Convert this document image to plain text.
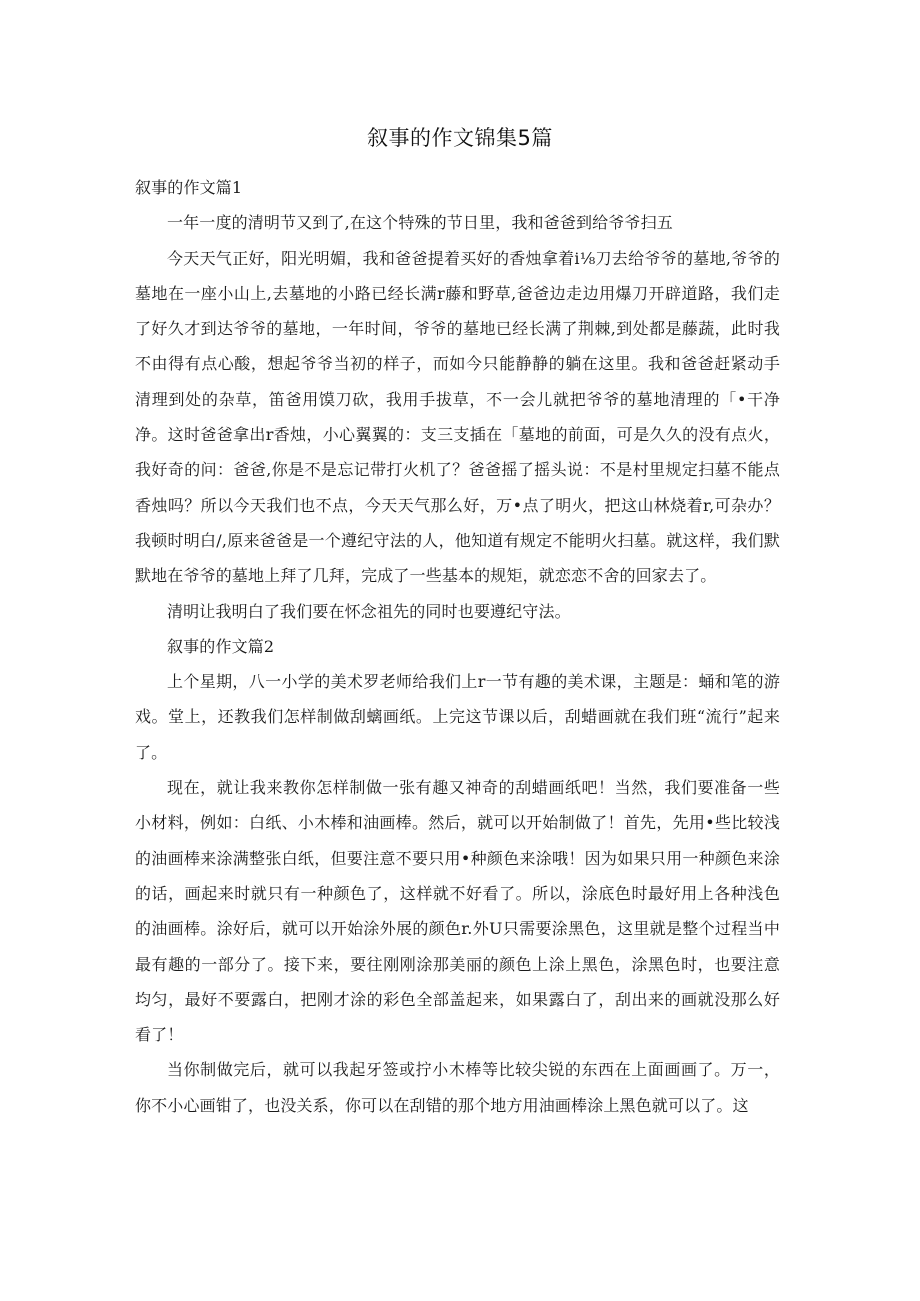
叙事的作文锦集5篇

叙事的作文篇1

一年一度的清明节又到了,在这个特殊的节日里，我和爸爸到给爷爷扫五

今天天气正好，阳光明媚，我和爸爸提着买好的香烛拿着i⅛刀去给爷爷的墓地,爷爷的墓地在一座小山上,去墓地的小路已经长满r藤和野草,爸爸边走边用爆刀开辟道路，我们走了好久才到达爷爷的墓地，一年时间，爷爷的墓地已经长满了荆棘,到处都是藤蔬，此时我不由得有点心酸，想起爷爷当初的样子，而如今只能静静的躺在这里。我和爸爸赶紧动手清理到处的杂草，笛爸用馍刀砍，我用手拔草，不一会儿就把爷爷的墓地清理的「•干净净。这时爸爸拿出r香烛，小心翼翼的：支三支插在「墓地的前面，可是久久的没有点火，我好奇的问：爸爸,你是不是忘记带打火机了？爸爸摇了摇头说：不是村里规定扫墓不能点香烛吗？所以今天我们也不点，今天天气那么好，万•点了明火，把这山林烧着r,可杂办？我顿时明白/,原来爸爸是一个遵纪守法的人，他知道有规定不能明火扫墓。就这样，我们默默地在爷爷的墓地上拜了几拜，完成了一些基本的规矩，就恋恋不舍的回家去了。

清明让我明白了我们要在怀念祖先的同时也要遵纪守法。

叙事的作文篇2

上个星期，八一小学的美术罗老师给我们上r一节有趣的美术课，主题是：蛹和笔的游戏。堂上，还教我们怎样制做刮螭画纸。上完这节课以后，刮蜡画就在我们班“流行”起来了。

现在，就让我来教你怎样制做一张有趣又神奇的刮蜡画纸吧！当然，我们要准备一些小材料，例如：白纸、小木棒和油画棒。然后，就可以开始制做了！首先，先用•些比较浅的油画棒来涂满整张白纸，但要注意不要只用•种颜色来涂哦！因为如果只用一种颜色来涂的话，画起来时就只有一种颜色了，这样就不好看了。所以，涂底色时最好用上各种浅色的油画棒。涂好后，就可以开始涂外展的颜色r.外U只需要涂黑色，这里就是整个过程当中最有趣的一部分了。接下来，要往刚刚涂那美丽的颜色上涂上黑色，涂黑色时，也要注意均匀，最好不要露白，把刚才涂的彩色全部盖起来，如果露白了，刮出来的画就没那么好看了！

当你制做完后，就可以我起牙签或拧小木棒等比较尖锐的东西在上面画画了。万一，你不小心画钳了，也没关系，你可以在刮错的那个地方用油画棒涂上黑色就可以了。这
